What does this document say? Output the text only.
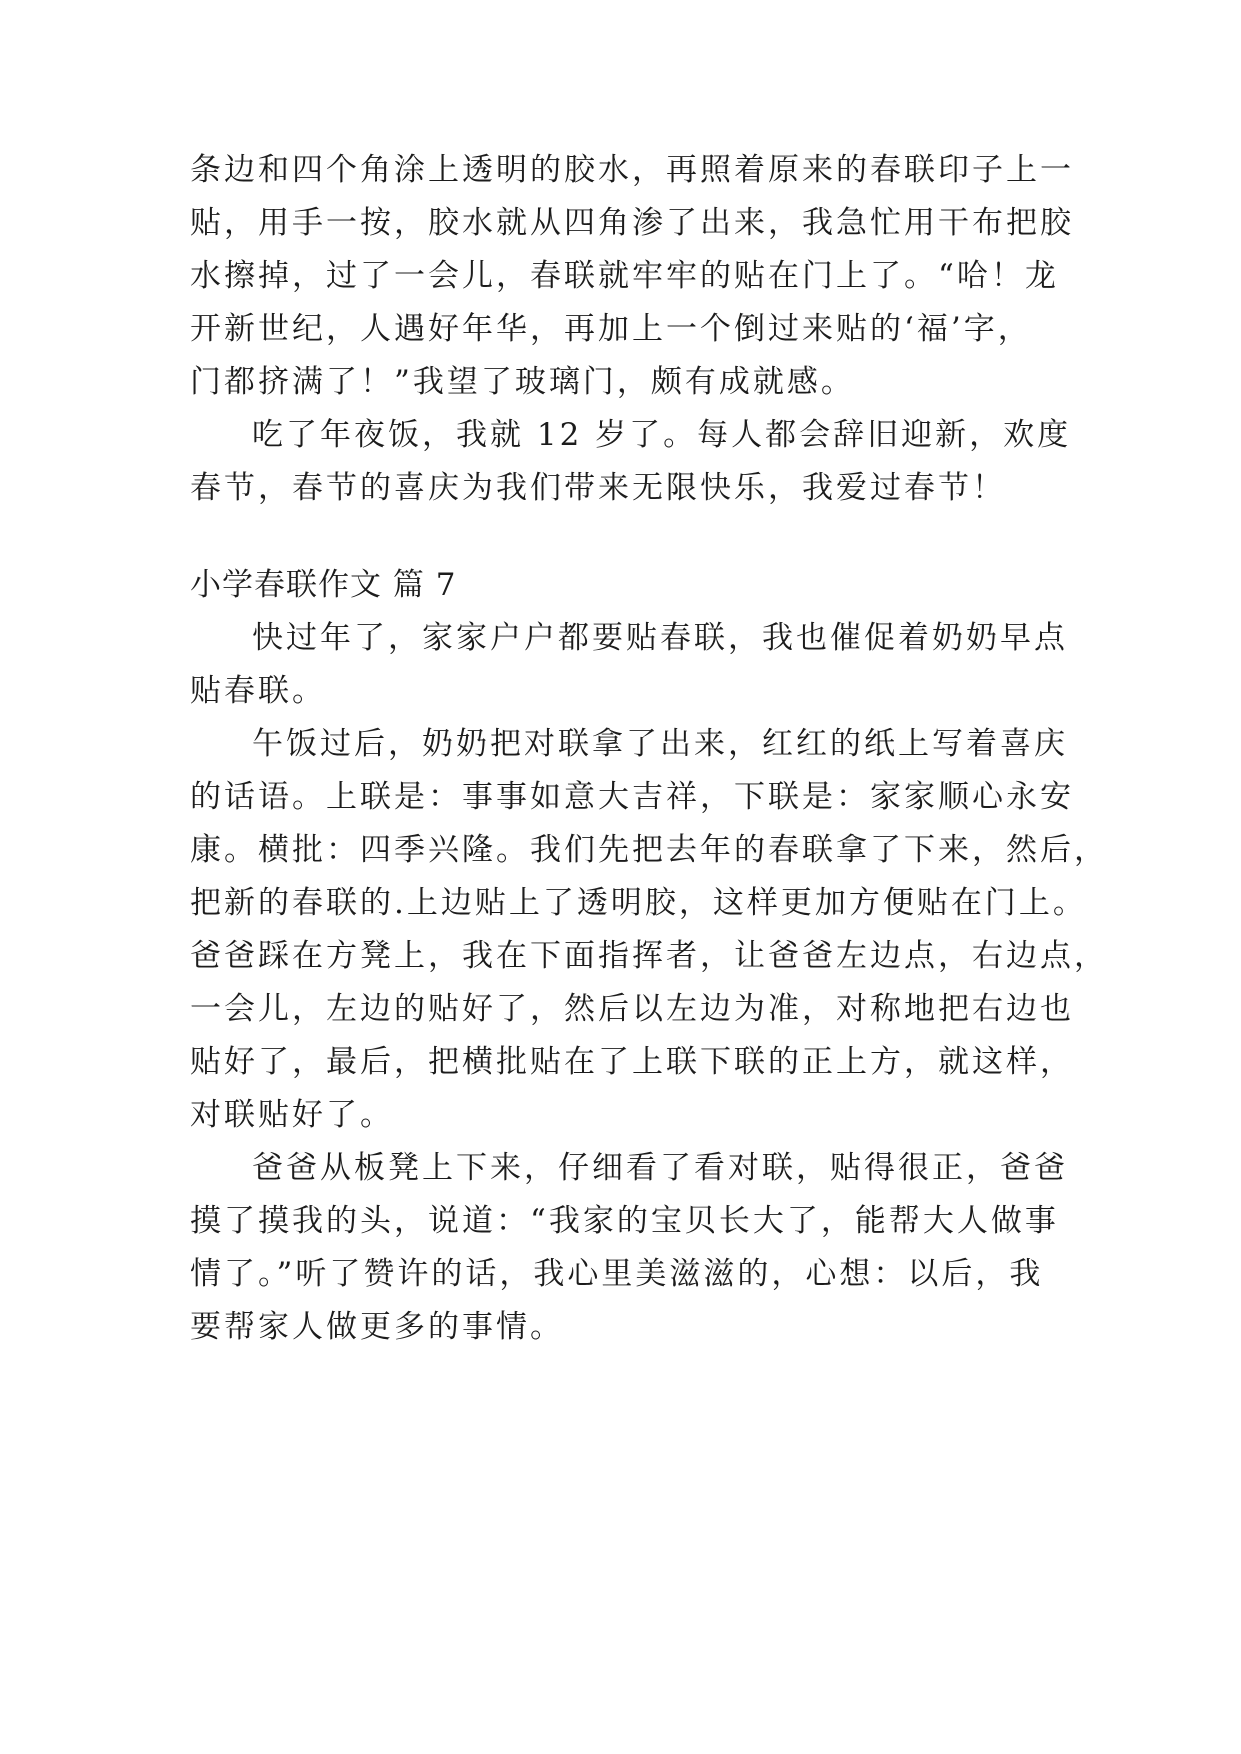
条边和四个角涂上透明的胶水，再照着原来的春联印子上一
贴，用手一按，胶水就从四角渗了出来，我急忙用干布把胶
水擦掉，过了一会儿，春联就牢牢的贴在门上了。“哈！龙
开新世纪，人遇好年华，再加上一个倒过来贴的‘福’字，
门都挤满了！”我望了玻璃门，颇有成就感。
吃了年夜饭，我就 12 岁了。每人都会辞旧迎新，欢度
春节，春节的喜庆为我们带来无限快乐，我爱过春节！
小学春联作文 篇 7
快过年了，家家户户都要贴春联，我也催促着奶奶早点
贴春联。
午饭过后，奶奶把对联拿了出来，红红的纸上写着喜庆
的话语。上联是：事事如意大吉祥，下联是：家家顺心永安
康。横批：四季兴隆。我们先把去年的春联拿了下来，然后，
把新的春联的.上边贴上了透明胶，这样更加方便贴在门上。
爸爸踩在方凳上，我在下面指挥者，让爸爸左边点，右边点，
一会儿，左边的贴好了，然后以左边为准，对称地把右边也
贴好了，最后，把横批贴在了上联下联的正上方，就这样，
对联贴好了。
爸爸从板凳上下来，仔细看了看对联，贴得很正，爸爸
摸了摸我的头，说道：“我家的宝贝长大了，能帮大人做事
情了。”听了赞许的话，我心里美滋滋的，心想：以后，我
要帮家人做更多的事情。
